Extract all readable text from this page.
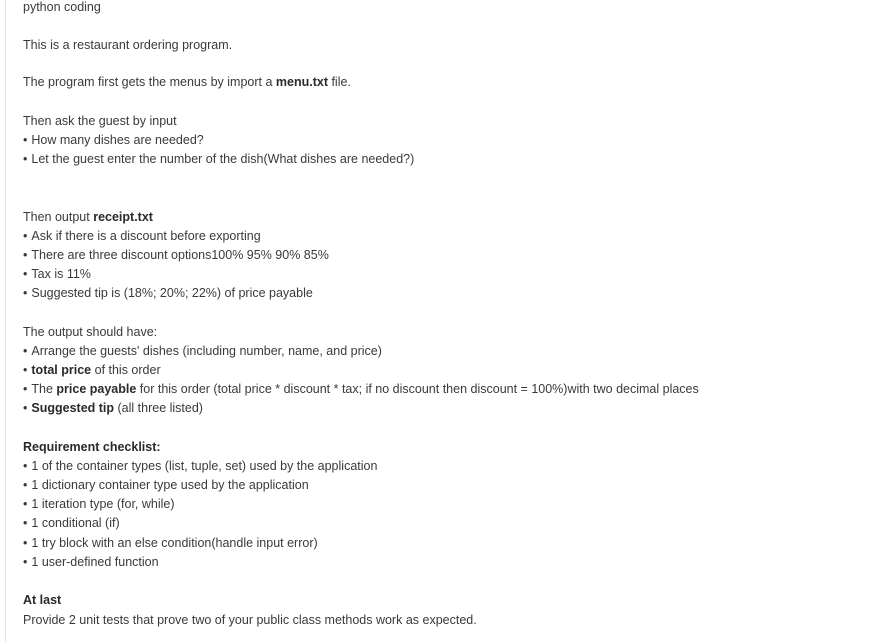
python coding
This is a restaurant ordering program.
The program first gets the menus by import a menu.txt file.
Then ask the guest by input
• How many dishes are needed?
• Let the guest enter the number of the dish(What dishes are needed?)
Then output receipt.txt
• Ask if there is a discount before exporting
• There are three discount options100% 95% 90% 85%
• Tax is 11%
• Suggested tip is (18%; 20%; 22%) of price payable
The output should have:
• Arrange the guests' dishes (including number, name, and price)
• total price of this order
• The price payable for this order (total price * discount * tax; if no discount then discount = 100%)with two decimal places
• Suggested tip (all three listed)
Requirement checklist:
• 1 of the container types (list, tuple, set) used by the application
• 1 dictionary container type used by the application
• 1 iteration type (for, while)
• 1 conditional (if)
• 1 try block with an else condition(handle input error)
• 1 user-defined function
At last
Provide 2 unit tests that prove two of your public class methods work as expected.
